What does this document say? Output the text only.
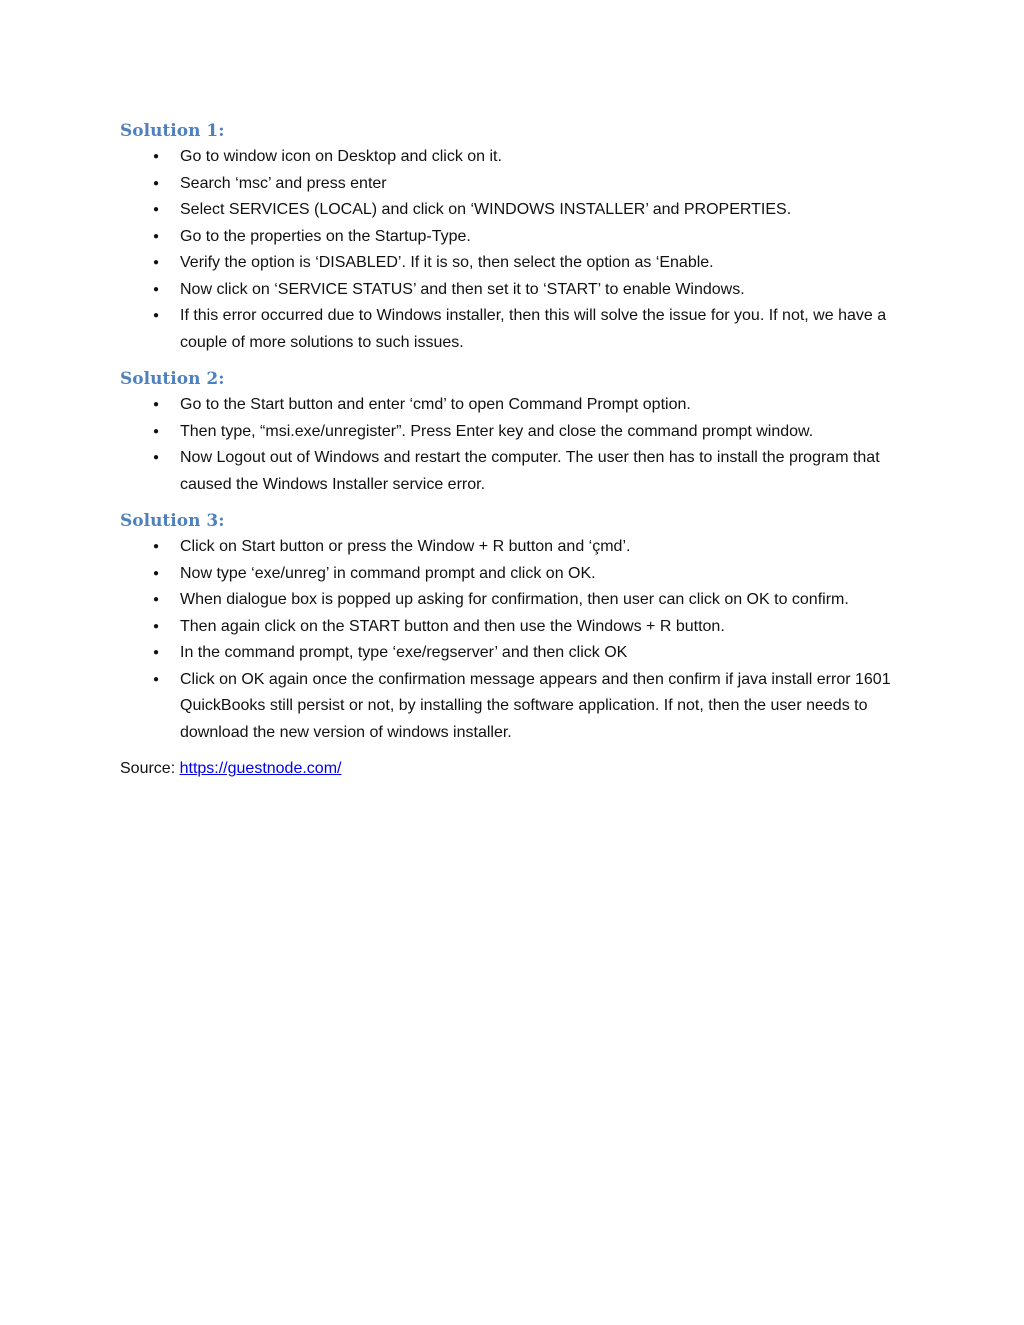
Solution 1:
●
Go to window icon on Desktop and click on it.
●
Search ‘msc’ and press enter
●
Select SERVICES (LOCAL) and click on ‘WINDOWS INSTALLER’ and PROPERTIES.
●
Go to the properties on the Startup-Type.
●
Verify the option is ‘DISABLED’. If it is so, then select the option as ‘Enable.
●
Now click on ‘SERVICE STATUS’ and then set it to ‘START’ to enable Windows.
●
If this error occurred due to Windows installer, then this will solve the issue for you. If not, we have a couple of more solutions to such issues.
Solution 2:
●
Go to the Start button and enter ‘cmd’ to open Command Prompt option.
●
Then type, “msi.exe/unregister”. Press Enter key and close the command prompt window.
●
Now Logout out of Windows and restart the computer. The user then has to install the program that caused the Windows Installer service error.
Solution 3:
●
Click on Start button or press the Window + R button and ‘çmd’.
●
Now type ‘exe/unreg’ in command prompt and click on OK.
●
When dialogue box is popped up asking for confirmation, then user can click on OK to confirm.
●
Then again click on the START button and then use the Windows + R button.
●
In the command prompt, type ‘exe/regserver’ and then click OK
●
Click on OK again once the confirmation message appears and then confirm if java install error 1601 QuickBooks still persist or not, by installing the software application. If not, then the user needs to download the new version of windows installer.

Source: https://guestnode.com/
